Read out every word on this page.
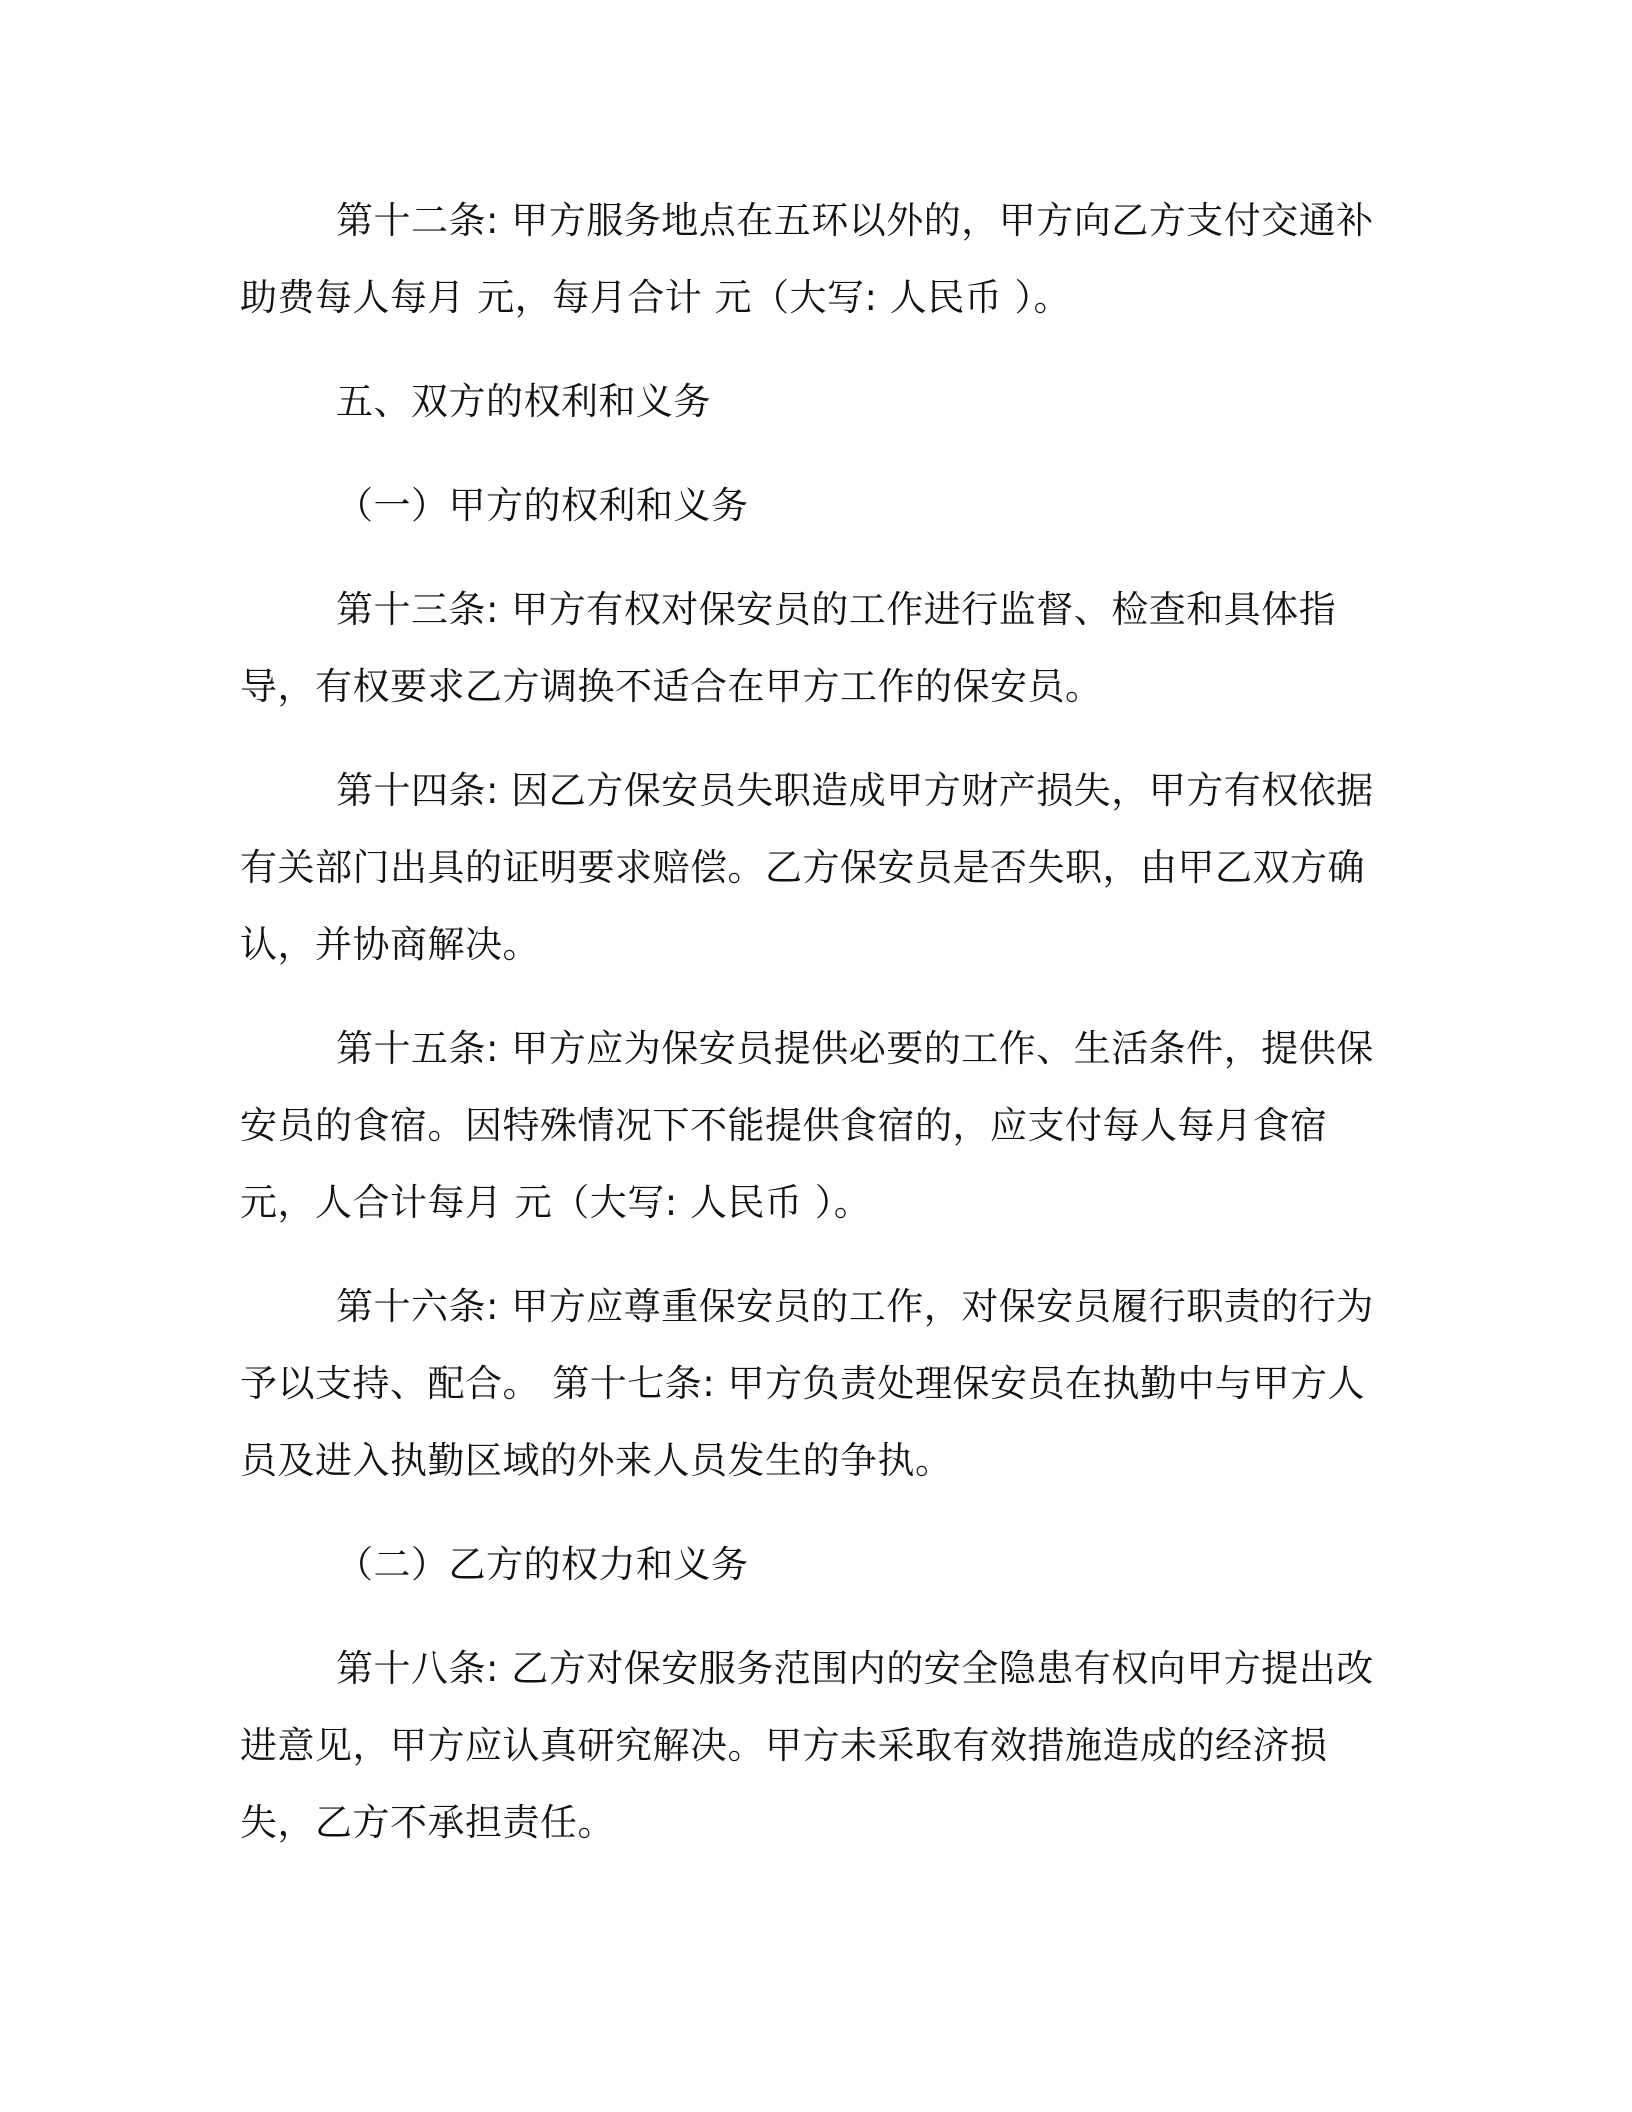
第十二条: 甲方服务地点在五环以外的，甲方向乙方支付交通补助费每人每月 元，每月合计 元（大写: 人民币 ）。

五、双方的权利和义务

（一）甲方的权利和义务

第十三条: 甲方有权对保安员的工作进行监督、检查和具体指导，有权要求乙方调换不适合在甲方工作的保安员。

第十四条: 因乙方保安员失职造成甲方财产损失，甲方有权依据有关部门出具的证明要求赔偿。乙方保安员是否失职，由甲乙双方确认，并协商解决。

第十五条: 甲方应为保安员提供必要的工作、生活条件，提供保安员的食宿。因特殊情况下不能提供食宿的，应支付每人每月食宿 元，人合计每月 元（大写: 人民币 ）。

第十六条: 甲方应尊重保安员的工作，对保安员履行职责的行为予以支持、配合。 第十七条: 甲方负责处理保安员在执勤中与甲方人员及进入执勤区域的外来人员发生的争执。

（二）乙方的权力和义务

第十八条: 乙方对保安服务范围内的安全隐患有权向甲方提出改进意见，甲方应认真研究解决。甲方未采取有效措施造成的经济损失，乙方不承担责任。
